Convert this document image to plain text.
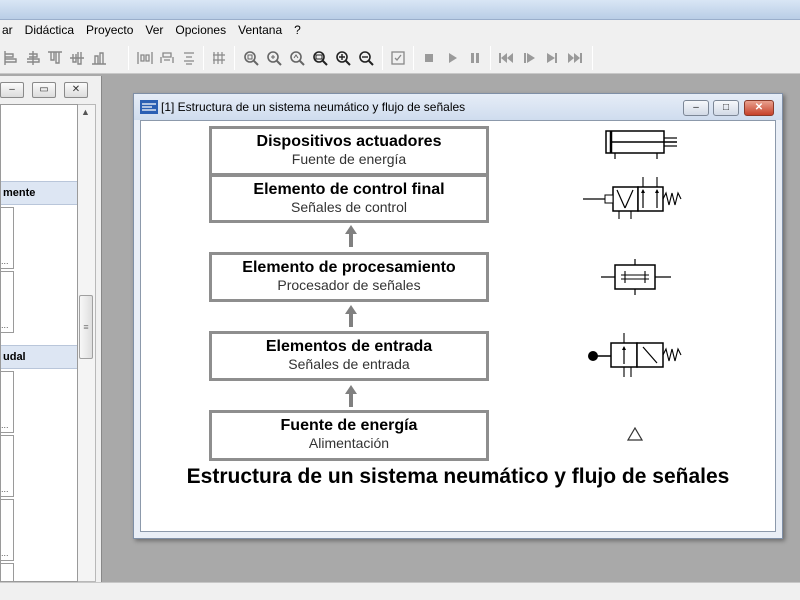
ar	Didáctica	Proyecto	Ver	Opciones	Ventana	?
–	▭	✕
mente
...
...
udal
...
...
...
▲
≡
[1] Estructura de un sistema neumático y flujo de señales	–	□	✕
Dispositivos actuadores
Fuente de energía
Elemento de control final
Señales de control
Elemento de procesamiento
Procesador de señales
Elementos de entrada
Señales de entrada
Fuente de energía
Alimentación
Estructura de un sistema neumático y flujo de señales
